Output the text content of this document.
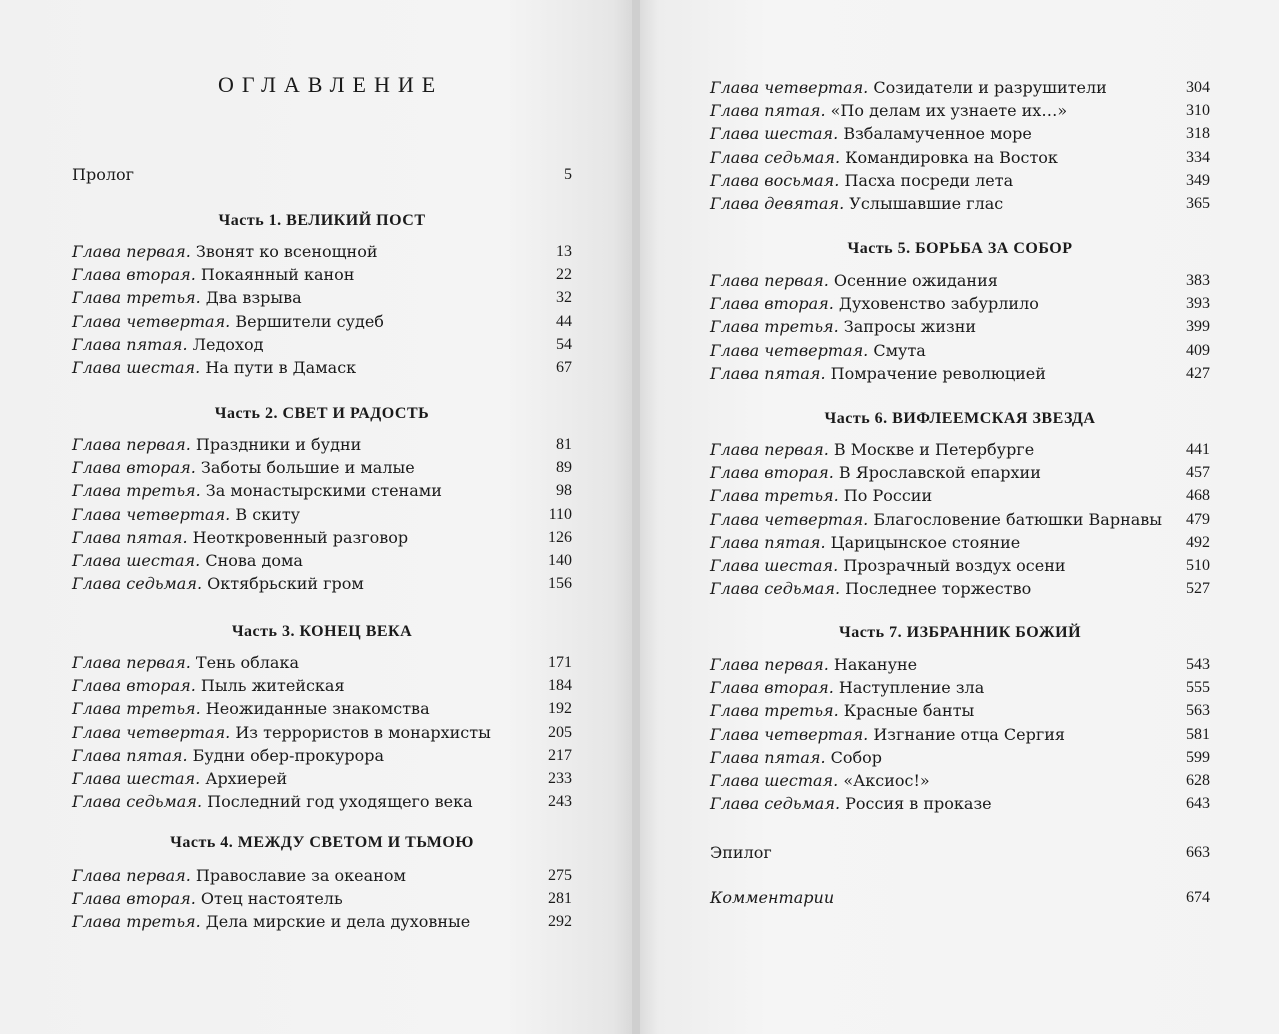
ОГЛАВЛЕНИЕ
Пролог	5
Часть 1. ВЕЛИКИЙ ПОСТ
Глава первая. Звонят ко всенощной	13
Глава вторая. Покаянный канон	22
Глава третья. Два взрыва	32
Глава четвертая. Вершители судеб	44
Глава пятая. Ледоход	54
Глава шестая. На пути в Дамаск	67
Часть 2. СВЕТ И РАДОСТЬ
Глава первая. Праздники и будни	81
Глава вторая. Заботы большие и малые	89
Глава третья. За монастырскими стенами	98
Глава четвертая. В скиту	110
Глава пятая. Неоткровенный разговор	126
Глава шестая. Снова дома	140
Глава седьмая. Октябрьский гром	156
Часть 3. КОНЕЦ ВЕКА
Глава первая. Тень облака	171
Глава вторая. Пыль житейская	184
Глава третья. Неожиданные знакомства	192
Глава четвертая. Из террористов в монархисты	205
Глава пятая. Будни обер-прокурора	217
Глава шестая. Архиерей	233
Глава седьмая. Последний год уходящего века	243
Часть 4. МЕЖДУ СВЕТОМ И ТЬМОЮ
Глава первая. Православие за океаном	275
Глава вторая. Отец настоятель	281
Глава третья. Дела мирские и дела духовные	292
Глава четвертая. Созидатели и разрушители	304
Глава пятая. «По делам их узнаете их…»	310
Глава шестая. Взбаламученное море	318
Глава седьмая. Командировка на Восток	334
Глава восьмая. Пасха посреди лета	349
Глава девятая. Услышавшие глас	365
Часть 5. БОРЬБА ЗА СОБОР
Глава первая. Осенние ожидания	383
Глава вторая. Духовенство забурлило	393
Глава третья. Запросы жизни	399
Глава четвертая. Смута	409
Глава пятая. Помрачение революцией	427
Часть 6. ВИФЛЕЕМСКАЯ ЗВЕЗДА
Глава первая. В Москве и Петербурге	441
Глава вторая. В Ярославской епархии	457
Глава третья. По России	468
Глава четвертая. Благословение батюшки Варнавы 479
Глава пятая. Царицынское стояние	492
Глава шестая. Прозрачный воздух осени	510
Глава седьмая. Последнее торжество	527
Часть 7. ИЗБРАННИК БОЖИЙ
Глава первая. Накануне	543
Глава вторая. Наступление зла	555
Глава третья. Красные банты	563
Глава четвертая. Изгнание отца Сергия	581
Глава пятая. Собор	599
Глава шестая. «Аксиос!»	628
Глава седьмая. Россия в проказе	643
Эпилог	663
Комментарии	674
